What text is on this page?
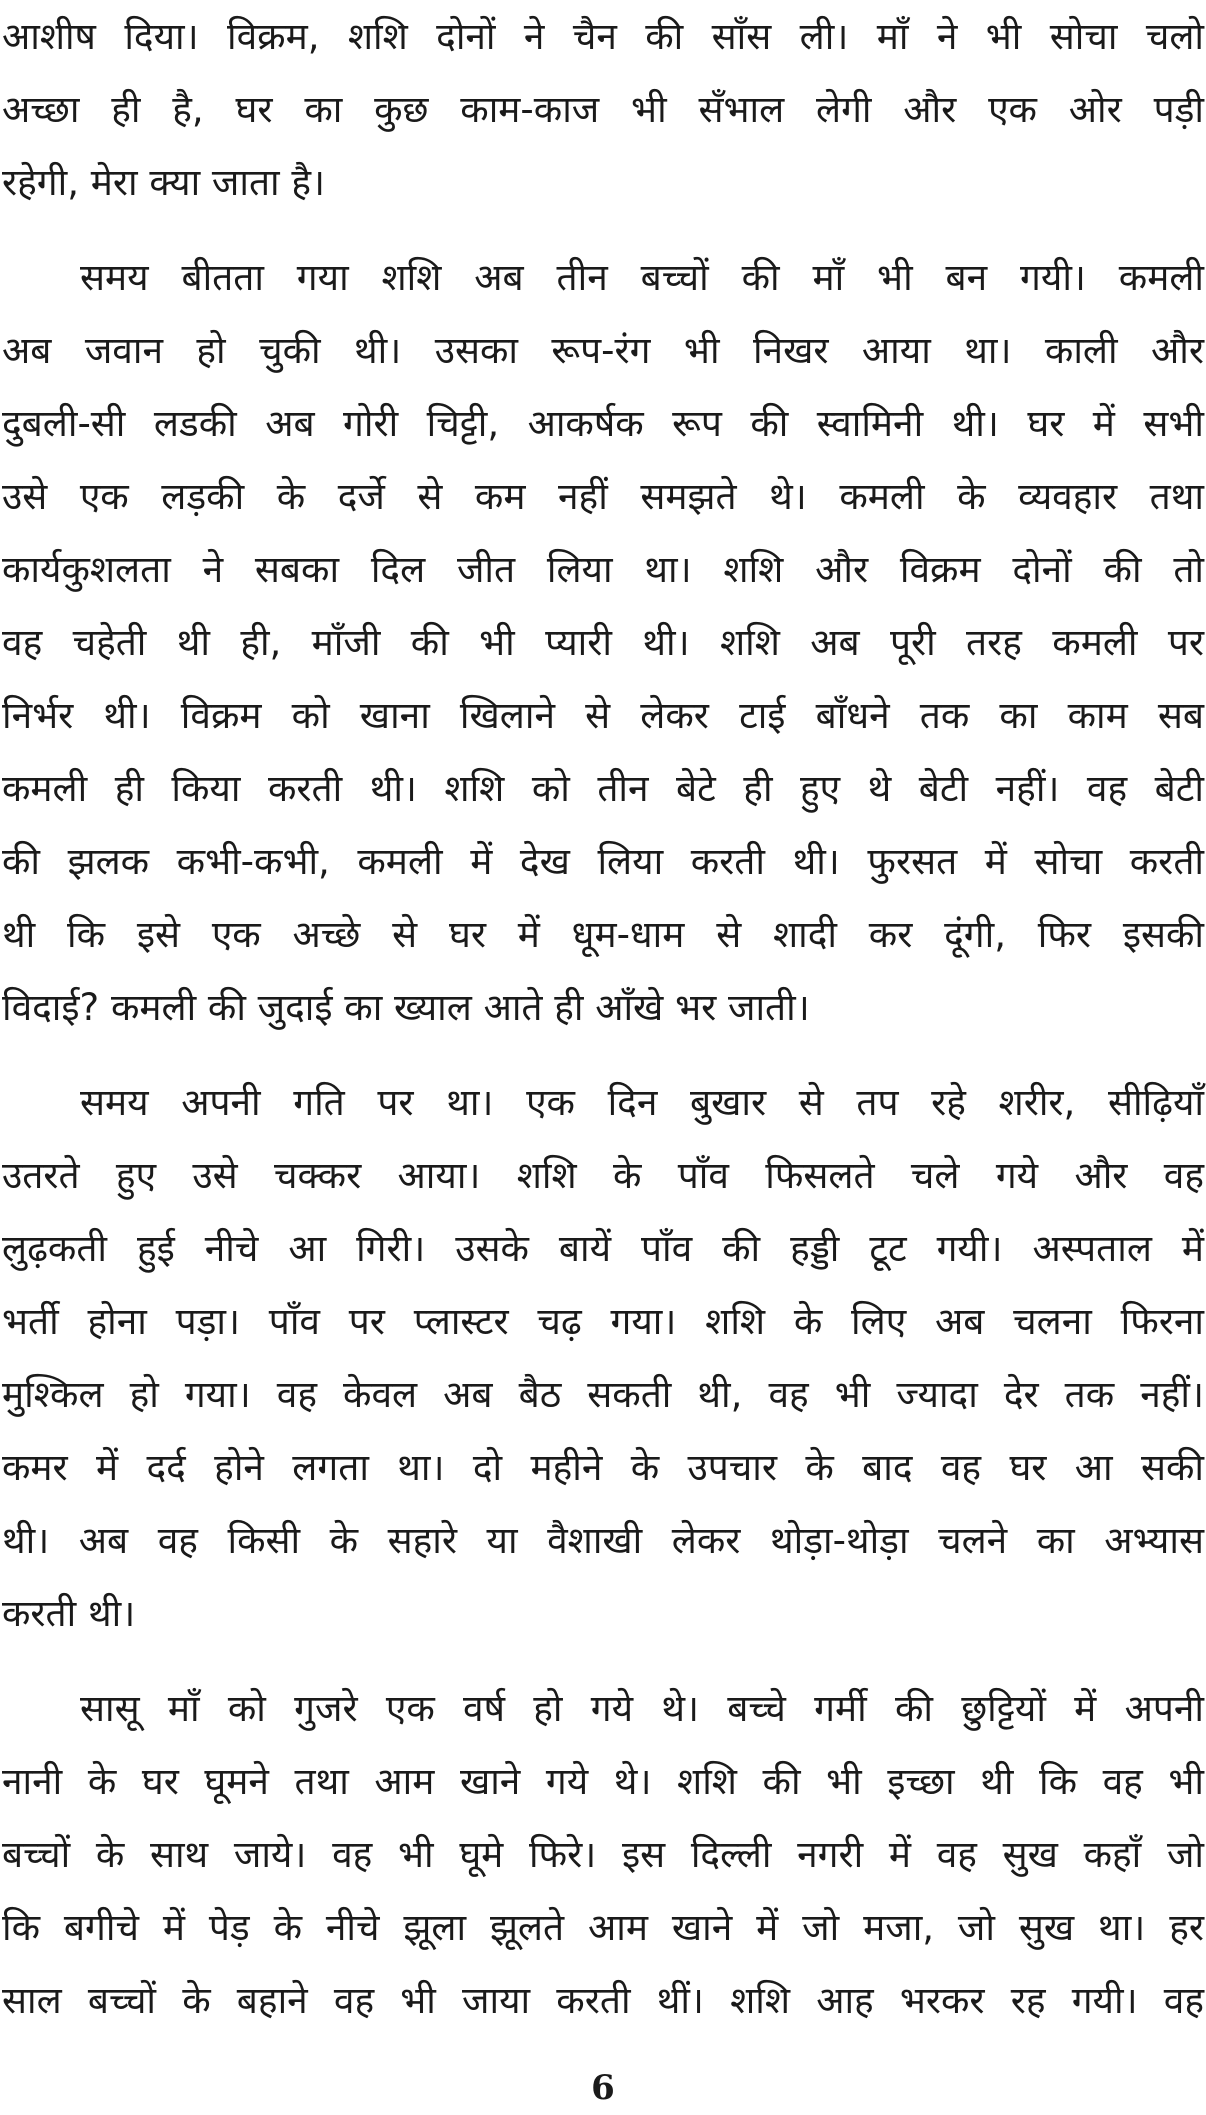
आशीष दिया। विक्रम, शशि दोनों ने चैन की साँस ली। माँ ने भी सोचा चलो
अच्छा ही है, घर का कुछ काम-काज भी सँभाल लेगी और एक ओर पड़ी
रहेगी, मेरा क्या जाता है।
समय बीतता गया शशि अब तीन बच्चों की माँ भी बन गयी। कमली
अब जवान हो चुकी थी। उसका रूप-रंग भी निखर आया था। काली और
दुबली-सी लडकी अब गोरी चिट्टी, आकर्षक रूप की स्वामिनी थी। घर में सभी
उसे एक लड़की के दर्जे से कम नहीं समझते थे। कमली के व्यवहार तथा
कार्यकुशलता ने सबका दिल जीत लिया था। शशि और विक्रम दोनों की तो
वह चहेती थी ही, माँजी की भी प्यारी थी। शशि अब पूरी तरह कमली पर
निर्भर थी। विक्रम को खाना खिलाने से लेकर टाई बाँधने तक का काम सब
कमली ही किया करती थी। शशि को तीन बेटे ही हुए थे बेटी नहीं। वह बेटी
की झलक कभी-कभी, कमली में देख लिया करती थी। फुरसत में सोचा करती
थी कि इसे एक अच्छे से घर में धूम-धाम से शादी कर दूंगी, फिर इसकी
विदाई? कमली की जुदाई का ख्याल आते ही आँखे भर जाती।
समय अपनी गति पर था। एक दिन बुखार से तप रहे शरीर, सीढ़ियाँ
उतरते हुए उसे चक्कर आया। शशि के पाँव फिसलते चले गये और वह
लुढ़कती हुई नीचे आ गिरी। उसके बायें पाँव की हड्डी टूट गयी। अस्पताल में
भर्ती होना पड़ा। पाँव पर प्लास्टर चढ़ गया। शशि के लिए अब चलना फिरना
मुश्किल हो गया। वह केवल अब बैठ सकती थी, वह भी ज्यादा देर तक नहीं।
कमर में दर्द होने लगता था। दो महीने के उपचार के बाद वह घर आ सकी
थी। अब वह किसी के सहारे या वैशाखी लेकर थोड़ा-थोड़ा चलने का अभ्यास
करती थी।
सासू माँ को गुजरे एक वर्ष हो गये थे। बच्चे गर्मी की छुट्टियों में अपनी
नानी के घर घूमने तथा आम खाने गये थे। शशि की भी इच्छा थी कि वह भी
बच्चों के साथ जाये। वह भी घूमे फिरे। इस दिल्ली नगरी में वह सुख कहाँ जो
कि बगीचे में पेड़ के नीचे झूला झूलते आम खाने में जो मजा, जो सुख था। हर
साल बच्चों के बहाने वह भी जाया करती थीं। शशि आह भरकर रह गयी। वह
6
